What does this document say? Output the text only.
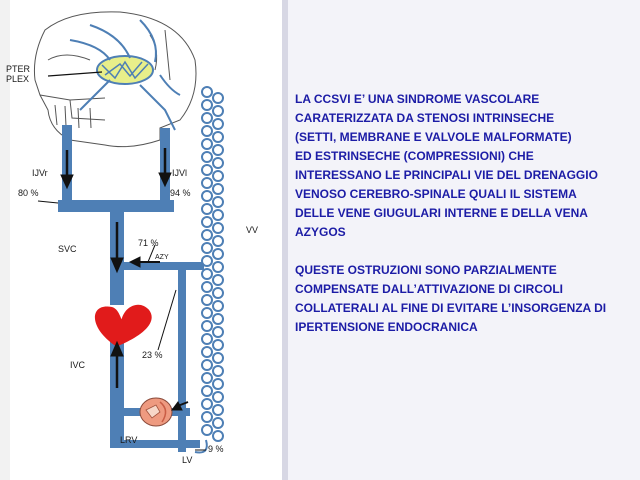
PTER
PLEX
IJVr	IJVl
80 %	94 %
VV
SVC
71 %
AZY
23 %
IVC
LRV
LV
9 %

LA CCSVI E’ UNA SINDROME VASCOLARE
CARATERIZZATA DA STENOSI INTRINSECHE
(SETTI, MEMBRANE E VALVOLE MALFORMATE)
ED ESTRINSECHE (COMPRESSIONI) CHE
INTERESSANO LE PRINCIPALI VIE DEL DRENAGGIO
VENOSO CEREBRO-SPINALE QUALI IL SISTEMA
DELLE VENE GIUGULARI INTERNE E DELLA VENA
AZYGOS

QUESTE OSTRUZIONI SONO PARZIALMENTE
COMPENSATE DALL’ATTIVAZIONE DI CIRCOLI
COLLATERALI AL FINE DI EVITARE L’INSORGENZA DI
IPERTENSIONE ENDOCRANICA
